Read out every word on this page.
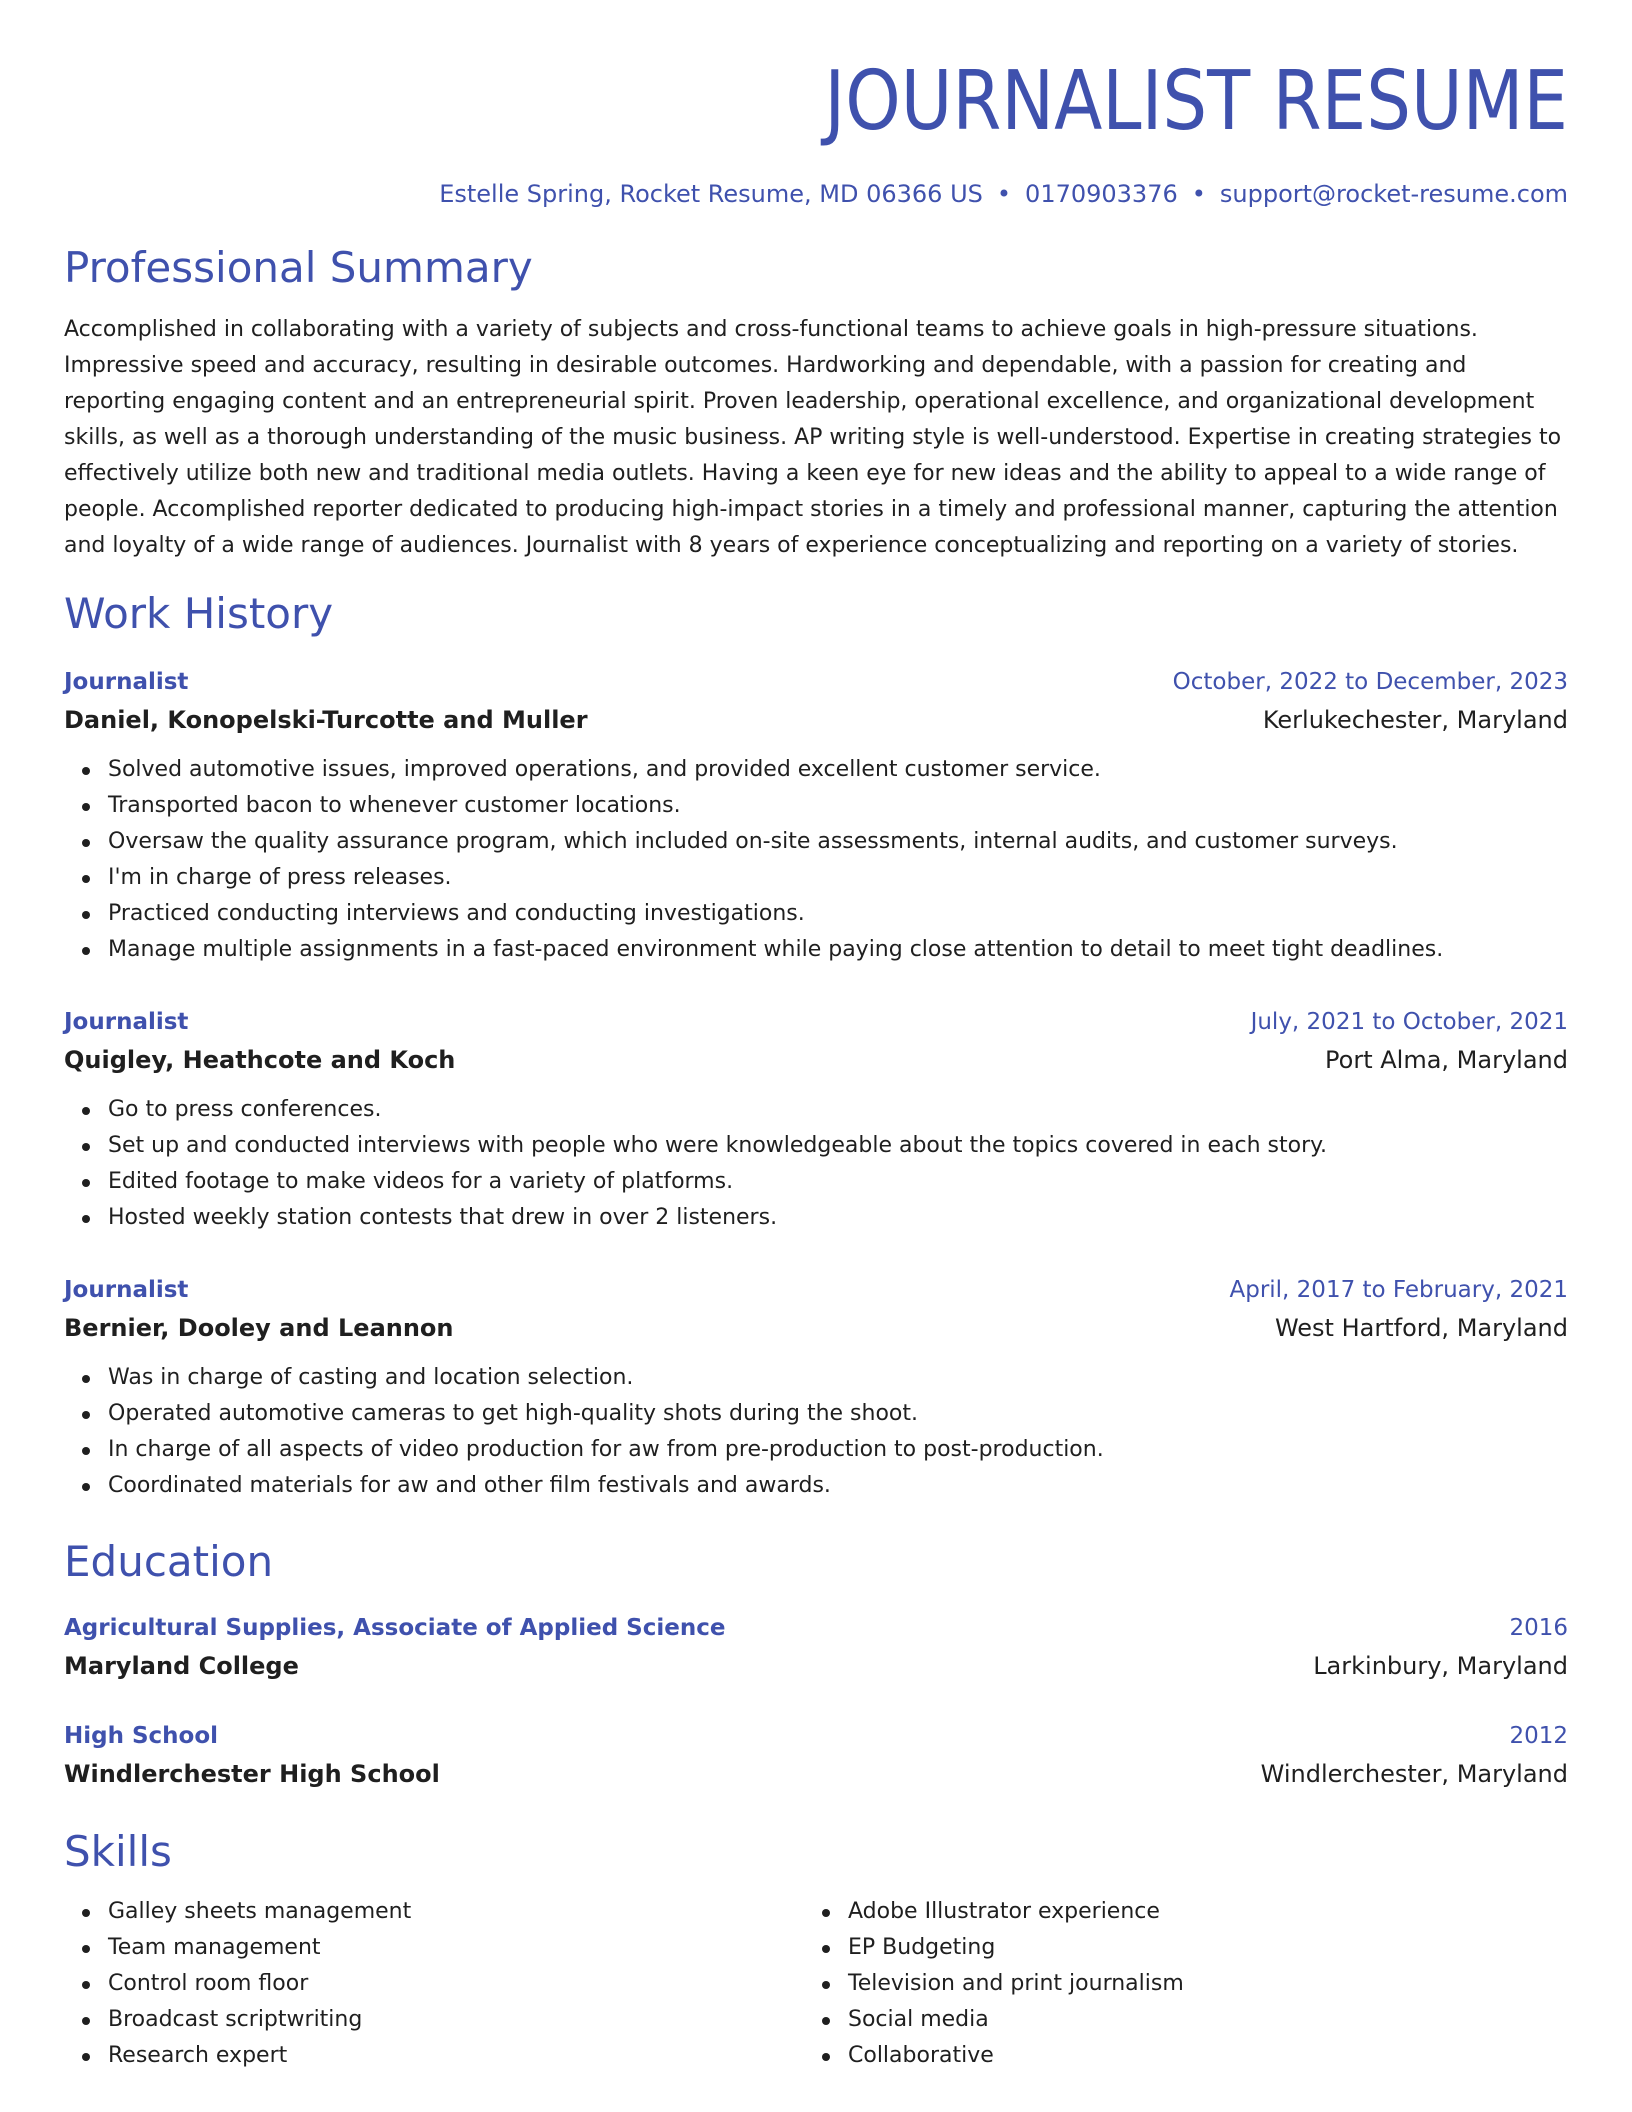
JOURNALIST RESUME
Estelle Spring, Rocket Resume, MD 06366 US • 0170903376 • support@rocket-resume.com
Professional Summary

Accomplished in collaborating with a variety of subjects and cross-functional teams to achieve goals in high-pressure situations. Impressive speed and accuracy, resulting in desirable outcomes. Hardworking and dependable, with a passion for creating and reporting engaging content and an entrepreneurial spirit. Proven leadership, operational excellence, and organizational development skills, as well as a thorough understanding of the music business. AP writing style is well-understood. Expertise in creating strategies to effectively utilize both new and traditional media outlets. Having a keen eye for new ideas and the ability to appeal to a wide range of people. Accomplished reporter dedicated to producing high-impact stories in a timely and professional manner, capturing the attention and loyalty of a wide range of audiences. Journalist with 8 years of experience conceptualizing and reporting on a variety of stories.

Work History
Journalist	October, 2022 to December, 2023
Daniel, Konopelski-Turcotte and Muller	Kerlukechester, Maryland
Solved automotive issues, improved operations, and provided excellent customer service.
Transported bacon to whenever customer locations.
Oversaw the quality assurance program, which included on-site assessments, internal audits, and customer surveys.
I'm in charge of press releases.
Practiced conducting interviews and conducting investigations.
Manage multiple assignments in a fast-paced environment while paying close attention to detail to meet tight deadlines.
Journalist	July, 2021 to October, 2021
Quigley, Heathcote and Koch	Port Alma, Maryland
Go to press conferences.
Set up and conducted interviews with people who were knowledgeable about the topics covered in each story.
Edited footage to make videos for a variety of platforms.
Hosted weekly station contests that drew in over 2 listeners.
Journalist	April, 2017 to February, 2021
Bernier, Dooley and Leannon	West Hartford, Maryland
Was in charge of casting and location selection.
Operated automotive cameras to get high-quality shots during the shoot.
In charge of all aspects of video production for aw from pre-production to post-production.
Coordinated materials for aw and other film festivals and awards.
Education
Agricultural Supplies, Associate of Applied Science	2016
Maryland College	Larkinbury, Maryland
High School	2012
Windlerchester High School	Windlerchester, Maryland
Skills
Galley sheets management
Team management
Control room floor
Broadcast scriptwriting
Research expert
Adobe Illustrator experience
EP Budgeting
Television and print journalism
Social media
Collaborative
